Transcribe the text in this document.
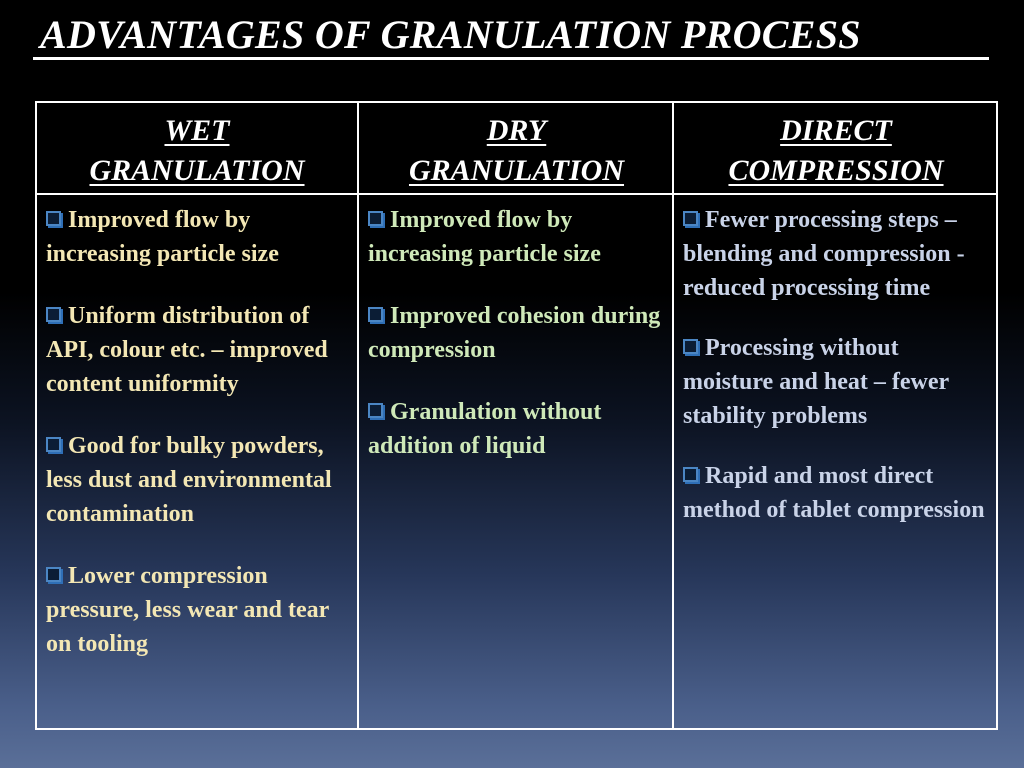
ADVANTAGES OF GRANULATION PROCESS
WET
GRANULATION
Improved flow by increasing particle size
Uniform distribution of API, colour etc. – improved content uniformity
Good for bulky powders, less dust and environmental contamination
Lower compression pressure, less wear and tear on tooling
DRY
GRANULATION
Improved flow by increasing particle size
Improved cohesion during compression
Granulation without addition of liquid
DIRECT
COMPRESSION
Fewer processing steps – blending and compression -reduced processing time
Processing without moisture and heat – fewer stability problems
Rapid and most direct method of tablet compression
